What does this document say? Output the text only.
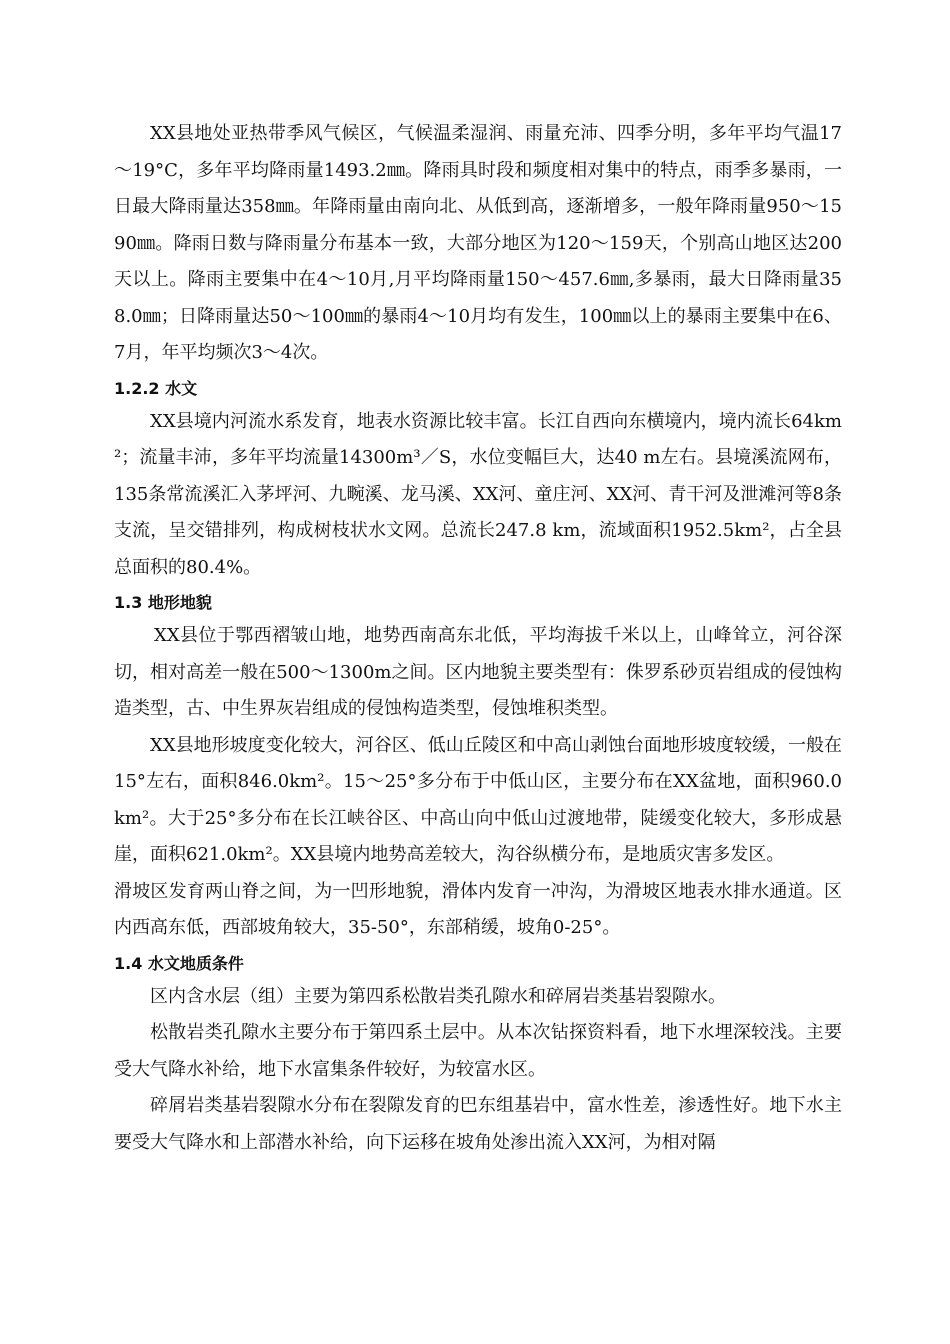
XX县地处亚热带季风气候区，气候温柔湿润、雨量充沛、四季分明，多年平均气温17～19°C，多年平均降雨量1493.2㎜。降雨具时段和频度相对集中的特点，雨季多暴雨，一日最大降雨量达358㎜。年降雨量由南向北、从低到高，逐渐增多，一般年降雨量950～1590㎜。降雨日数与降雨量分布基本一致，大部分地区为120～159天，个别高山地区达200天以上。降雨主要集中在4～10月,月平均降雨量150～457.6㎜,多暴雨，最大日降雨量358.0㎜；日降雨量达50～100㎜的暴雨4～10月均有发生，100㎜以上的暴雨主要集中在6、7月，年平均频次3～4次。

1.2.2 水文

XX县境内河流水系发育，地表水资源比较丰富。长江自西向东横境内，境内流长64km²；流量丰沛，多年平均流量14300m³／S，水位变幅巨大，达40 m左右。县境溪流网布，135条常流溪汇入茅坪河、九畹溪、龙马溪、XX河、童庄河、XX河、青干河及泄滩河等8条支流，呈交错排列，构成树枝状水文网。总流长247.8 km，流域面积1952.5km²，占全县总面积的80.4%。

1.3 地形地貌

XX县位于鄂西褶皱山地，地势西南高东北低，平均海拔千米以上，山峰耸立，河谷深切，相对高差一般在500～1300m之间。区内地貌主要类型有：侏罗系砂页岩组成的侵蚀构造类型，古、中生界灰岩组成的侵蚀构造类型，侵蚀堆积类型。

XX县地形坡度变化较大，河谷区、低山丘陵区和中高山剥蚀台面地形坡度较缓，一般在15°左右，面积846.0km²。15～25°多分布于中低山区，主要分布在XX盆地，面积960.0km²。大于25°多分布在长江峡谷区、中高山向中低山过渡地带，陡缓变化较大，多形成悬崖，面积621.0km²。XX县境内地势高差较大，沟谷纵横分布，是地质灾害多发区。

滑坡区发育两山脊之间，为一凹形地貌，滑体内发育一冲沟，为滑坡区地表水排水通道。区内西高东低，西部坡角较大，35-50°，东部稍缓，坡角0-25°。

1.4 水文地质条件

区内含水层（组）主要为第四系松散岩类孔隙水和碎屑岩类基岩裂隙水。

松散岩类孔隙水主要分布于第四系土层中。从本次钻探资料看，地下水埋深较浅。主要受大气降水补给，地下水富集条件较好，为较富水区。

碎屑岩类基岩裂隙水分布在裂隙发育的巴东组基岩中，富水性差，渗透性好。地下水主要受大气降水和上部潜水补给，向下运移在坡角处渗出流入XX河，为相对隔
